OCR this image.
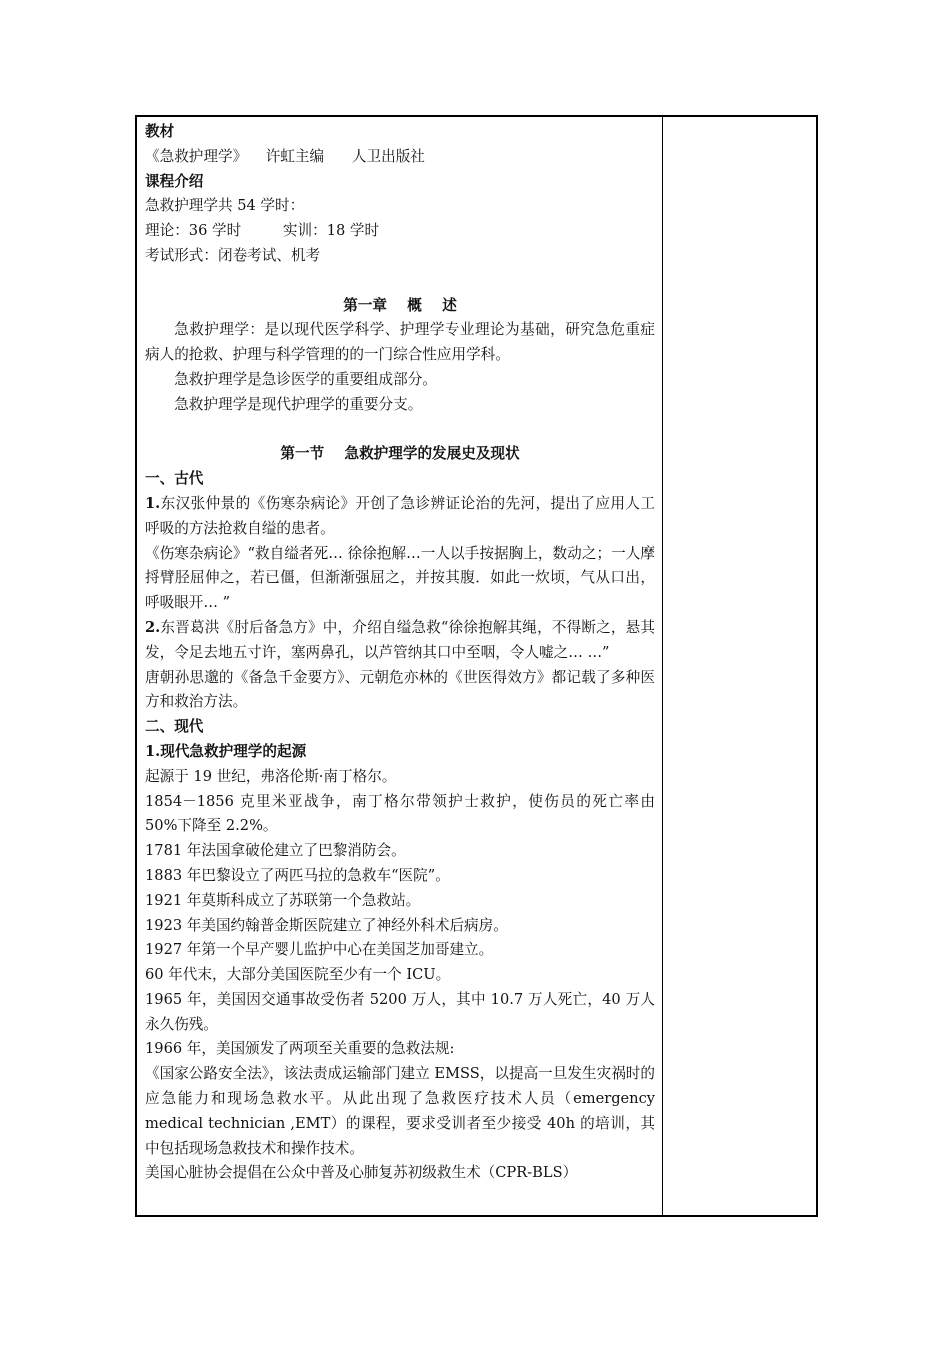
教材

《急救护理学》    许虹主编      人卫出版社

课程介绍

急救护理学共 54 学时：

理论：36 学时         实训：18 学时

考试形式：闭卷考试、机考

第一章    概    述

急救护理学：是以现代医学科学、护理学专业理论为基础，研究急危重症病人的抢救、护理与科学管理的的一门综合性应用学科。

急救护理学是急诊医学的重要组成部分。

急救护理学是现代护理学的重要分支。

第一节    急救护理学的发展史及现状

一、古代

1.东汉张仲景的《伤寒杂病论》开创了急诊辨证论治的先河，提出了应用人工呼吸的方法抢救自缢的患者。

《伤寒杂病论》“救自缢者死… 徐徐抱解…一人以手按据胸上，数动之；一人摩捋臂胫屈伸之，若已僵，但渐渐强屈之，并按其腹．如此一炊顷，气从口出，呼吸眼开… ”

2.东晋葛洪《肘后备急方》中，介绍自缢急救“徐徐抱解其绳，不得断之，悬其发，令足去地五寸许，塞两鼻孔，以芦管纳其口中至咽，令人嘘之… …”

唐朝孙思邈的《备急千金要方》、元朝危亦林的《世医得效方》都记载了多种医方和救治方法。

二、现代

1.现代急救护理学的起源

起源于 19 世纪，弗洛伦斯·南丁格尔。

1854－1856 克里米亚战争，南丁格尔带领护士救护，使伤员的死亡率由 50%下降至 2.2%。

1781 年法国拿破伦建立了巴黎消防会。

1883 年巴黎设立了两匹马拉的急救车“医院”。

1921 年莫斯科成立了苏联第一个急救站。

1923 年美国约翰普金斯医院建立了神经外科术后病房。

1927 年第一个早产婴儿监护中心在美国芝加哥建立。

60 年代末，大部分美国医院至少有一个 ICU。

1965 年，美国因交通事故受伤者 5200 万人，其中 10.7 万人死亡，40 万人永久伤残。

1966 年，美国颁发了两项至关重要的急救法规:

《国家公路安全法》，该法责成运输部门建立 EMSS，以提高一旦发生灾祸时的应急能力和现场急救水平。从此出现了急救医疗技术人员（emergency medical technician ,EMT）的课程，要求受训者至少接受 40h 的培训，其中包括现场急救技术和操作技术。

美国心脏协会提倡在公众中普及心肺复苏初级救生术（CPR-BLS）
